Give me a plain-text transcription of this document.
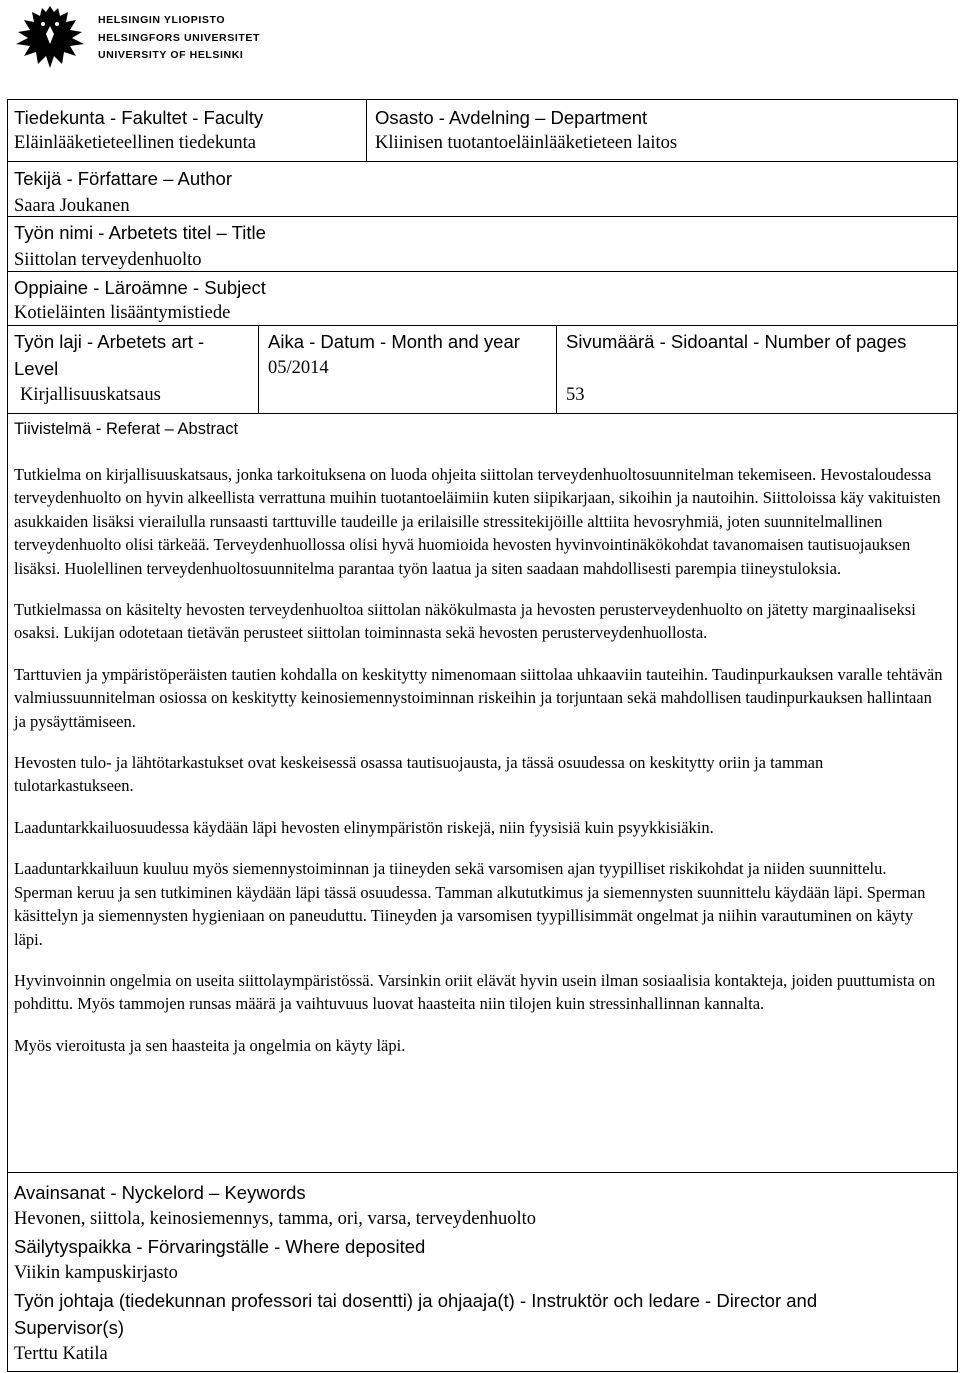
HELSINGIN YLIOPISTO
HELSINGFORS UNIVERSITET
UNIVERSITY OF HELSINKI
Tiedekunta - Fakultet - Faculty
Eläinlääketieteellinen tiedekunta
Osasto - Avdelning – Department
Kliinisen tuotantoeläinlääketieteen laitos
Tekijä - Författare – Author
Saara Joukanen
Työn nimi - Arbetets titel – Title
Siittolan terveydenhuolto
Oppiaine - Läroämne - Subject
Kotieläinten lisääntymistiede
Työn laji - Arbetets art -
Level
Kirjallisuuskatsaus
Aika - Datum - Month and year
05/2014
Sivumäärä - Sidoantal - Number of pages
53
Tiivistelmä - Referat – Abstract

Tutkielma on kirjallisuuskatsaus, jonka tarkoituksena on luoda ohjeita siittolan terveydenhuoltosuunnitelman tekemiseen. Hevostaloudessa terveydenhuolto on hyvin alkeellista verrattuna muihin tuotantoeläimiin kuten siipikarjaan, sikoihin ja nautoihin. Siittoloissa käy vakituisten asukkaiden lisäksi vierailulla runsaasti tarttuville taudeille ja erilaisille stressitekijöille alttiita hevosryhmiä, joten suunnitelmallinen terveydenhuolto olisi tärkeää. Terveydenhuollossa olisi hyvä huomioida hevosten hyvinvointinäkökohdat tavanomaisen tautisuojauksen lisäksi. Huolellinen terveydenhuoltosuunnitelma parantaa työn laatua ja siten saadaan mahdollisesti parempia tiineystuloksia.

Tutkielmassa on käsitelty hevosten terveydenhuoltoa siittolan näkökulmasta ja hevosten perusterveydenhuolto on jätetty marginaaliseksi osaksi. Lukijan odotetaan tietävän perusteet siittolan toiminnasta sekä hevosten perusterveydenhuollosta.

Tarttuvien ja ympäristöperäisten tautien kohdalla on keskitytty nimenomaan siittolaa uhkaaviin tauteihin. Taudinpurkauksen varalle tehtävän valmiussuunnitelman osiossa on keskitytty keinosiemennystoiminnan riskeihin ja torjuntaan sekä mahdollisen taudinpurkauksen hallintaan ja pysäyttämiseen.

Hevosten tulo- ja lähtötarkastukset ovat keskeisessä osassa tautisuojausta, ja tässä osuudessa on keskitytty oriin ja tamman tulotarkastukseen.

Laaduntarkkailuosuudessa käydään läpi hevosten elinympäristön riskejä, niin fyysisiä kuin psyykkisiäkin.

Laaduntarkkailuun kuuluu myös siemennystoiminnan ja tiineyden sekä varsomisen ajan tyypilliset riskikohdat ja niiden suunnittelu. Sperman keruu ja sen tutkiminen käydään läpi tässä osuudessa. Tamman alkututkimus ja siemennysten suunnittelu käydään läpi. Sperman käsittelyn ja siemennysten hygieniaan on paneuduttu. Tiineyden ja varsomisen tyypillisimmät ongelmat ja niihin varautuminen on käyty läpi.

Hyvinvoinnin ongelmia on useita siittolaympäristössä. Varsinkin oriit elävät hyvin usein ilman sosiaalisia kontakteja, joiden puuttumista on pohdittu. Myös tammojen runsas määrä ja vaihtuvuus luovat haasteita niin tilojen kuin stressinhallinnan kannalta.

Myös vieroitusta ja sen haasteita ja ongelmia on käyty läpi.

Avainsanat - Nyckelord – Keywords
Hevonen, siittola, keinosiemennys, tamma, ori, varsa, terveydenhuolto
Säilytyspaikka - Förvaringställe - Where deposited
Viikin kampuskirjasto
Työn johtaja (tiedekunnan professori tai dosentti) ja ohjaaja(t) - Instruktör och ledare - Director and
Supervisor(s)
Terttu Katila
